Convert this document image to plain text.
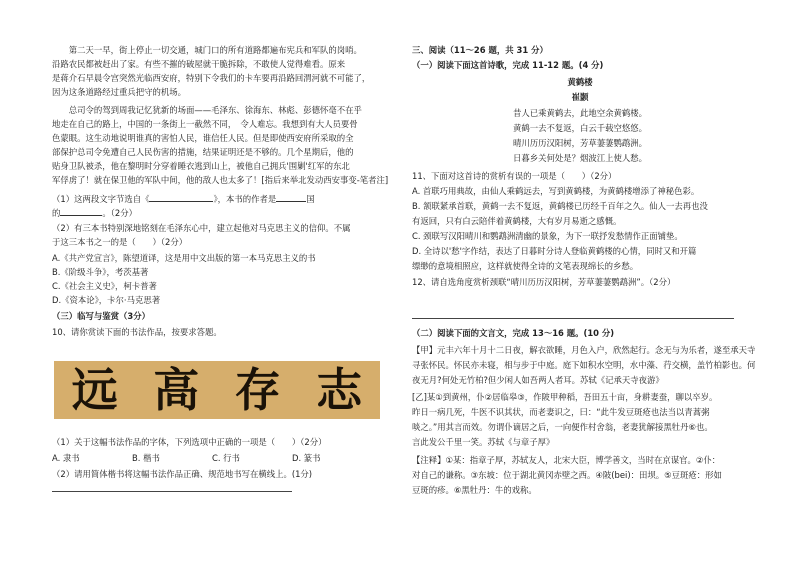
　　第二天一早，街上停止一切交通，城门口的所有道路都遍布宪兵和军队的岗哨。
沿路农民都被赶出了家。有些不摧的破屋就干脆拆除，不敢使人觉得难看。原来
是蒋介石早晨令宫突然光临西安府，特别下令我们的卡车要再沿路回渭河就不可能了，
因为这条道路经过重兵把守的机场。
　　总司令的驾到周我记忆犹新的场面——毛泽东、徐海东、林彪、彭德怀毫不在乎
地走在自己的路上，中国的一条街上一截然不同，　令人难忘。我想到有大人员要骨
色蒙眼。这生动地说明谁真的害怕人民，谁信任人民。但是即使西安府所采取的全
部保护总司令免遭自己人民伤害的措施，结果证明还是不够的。几个星期后，他的
贴身卫队被杀，他在黎明时分穿着睡衣逃到山上，被他自己拥兵'围剿'红军的东北
军俘虏了！就在保卫他的军队中间，他的敌人也太多了！[指后来举北发动西安事变-笔者注]
（1）这两段文字节选自《	》，本书的作者是	国
的	。（2分）
（2）有三本书特别深地铭刻在毛泽东心中，建立起他对马克思主义的信仰。不属
于这三本书之一的是（　　）（2分）
A.《共产党宣言》，陈望道译，这是用中文出版的第一本马克思主义的书
B.《阶级斗争》，考茨基著
C.《社会主义史》，柯卡普著
D.《资本论》，卡尔·马克思著
（三）临写与鉴赏（3分）
10、请你赏读下面的书法作品，按要求答题。
远 高 存 志
（1）关于这幅书法作品的字体，下列选项中正确的一项是（　　）（2分）
A. 隶书	B. 楷书	C. 行书	D. 篆书
（2）请用简体楷书将这幅书法作品正确、规范地书写在横线上。(1分)
三、阅读（11～26 题，共 31 分）
（一）阅读下面这首诗歌，完成 11-12 题。(4 分)
黄鹤楼
崔颢
昔人已乘黄鹤去，此地空余黄鹤楼。
黄鹤一去不复返，白云千载空悠悠。
晴川历历汉阳树，芳草萋萋鹦鹉洲。
日暮乡关何处是？烟波江上使人愁。
11、下面对这首诗的赏析有误的一项是（　　）（2分）
A. 首联巧用典故，由仙人乘鹤远去，写到黄鹤楼，为黄鹤楼增添了神秘色彩。
B. 颔联紧承首联，黄鹤一去不复返，黄鹤楼已历经千百年之久。仙人一去再也没
有返回，只有白云陪伴着黄鹤楼，大有岁月易逝之感慨。
C. 颈联写汉阳晴川和鹦鹉洲清幽的景象，为下一联抒发愁情作正面铺垫。
D. 全诗以'愁'字作结，表达了日暮时分诗人登临黄鹤楼的心情，同时又和开篇
缥缈的意境相照应，这样就使得全诗的文笔表现绵长的乡愁。
12、请自选角度赏析颈联“晴川历历汉阳树，芳草萋萋鹦鹉洲”。（2分）
（二）阅读下面的文言文，完成 13～16 题。(10 分)
【甲】元丰六年十月十二日夜，解衣欲睡，月色入户，欣然起行。念无与为乐者，遂至承天寺
寻张怀民。怀民亦未寝，相与步于中庭。庭下如积水空明，水中藻、荇交横，盖竹柏影也。何
夜无月?何处无竹柏?但少闲人如吾两人者耳。苏轼《记承天寺夜游》
[乙]某①到黄州，仆②居临皋③，作陂甲种稻，吾田五十亩，身耕妻蚕，聊以卒岁。
昨日一病几死，牛医不识其状，而老妻识之，曰：“此牛发豆斑疮也法当以青蒿粥
啖之。”用其言而效。勿谓仆谪居之后，一向便作村舍翁，老妻犹解接黑牡丹⑥也。
言此发公千里一笑。苏轼《与章子厚》
【注释】①某：指章子厚，苏轼友人，北宋大臣，博学善文，当时在京谋官。②仆：
对自己的谦称。③东坡：位于湖北黄冈赤壁之西。④陂(bei)：田坝。⑤豆斑疮：形如
豆斑的疹。⑥黑牡丹：牛的戏称。
